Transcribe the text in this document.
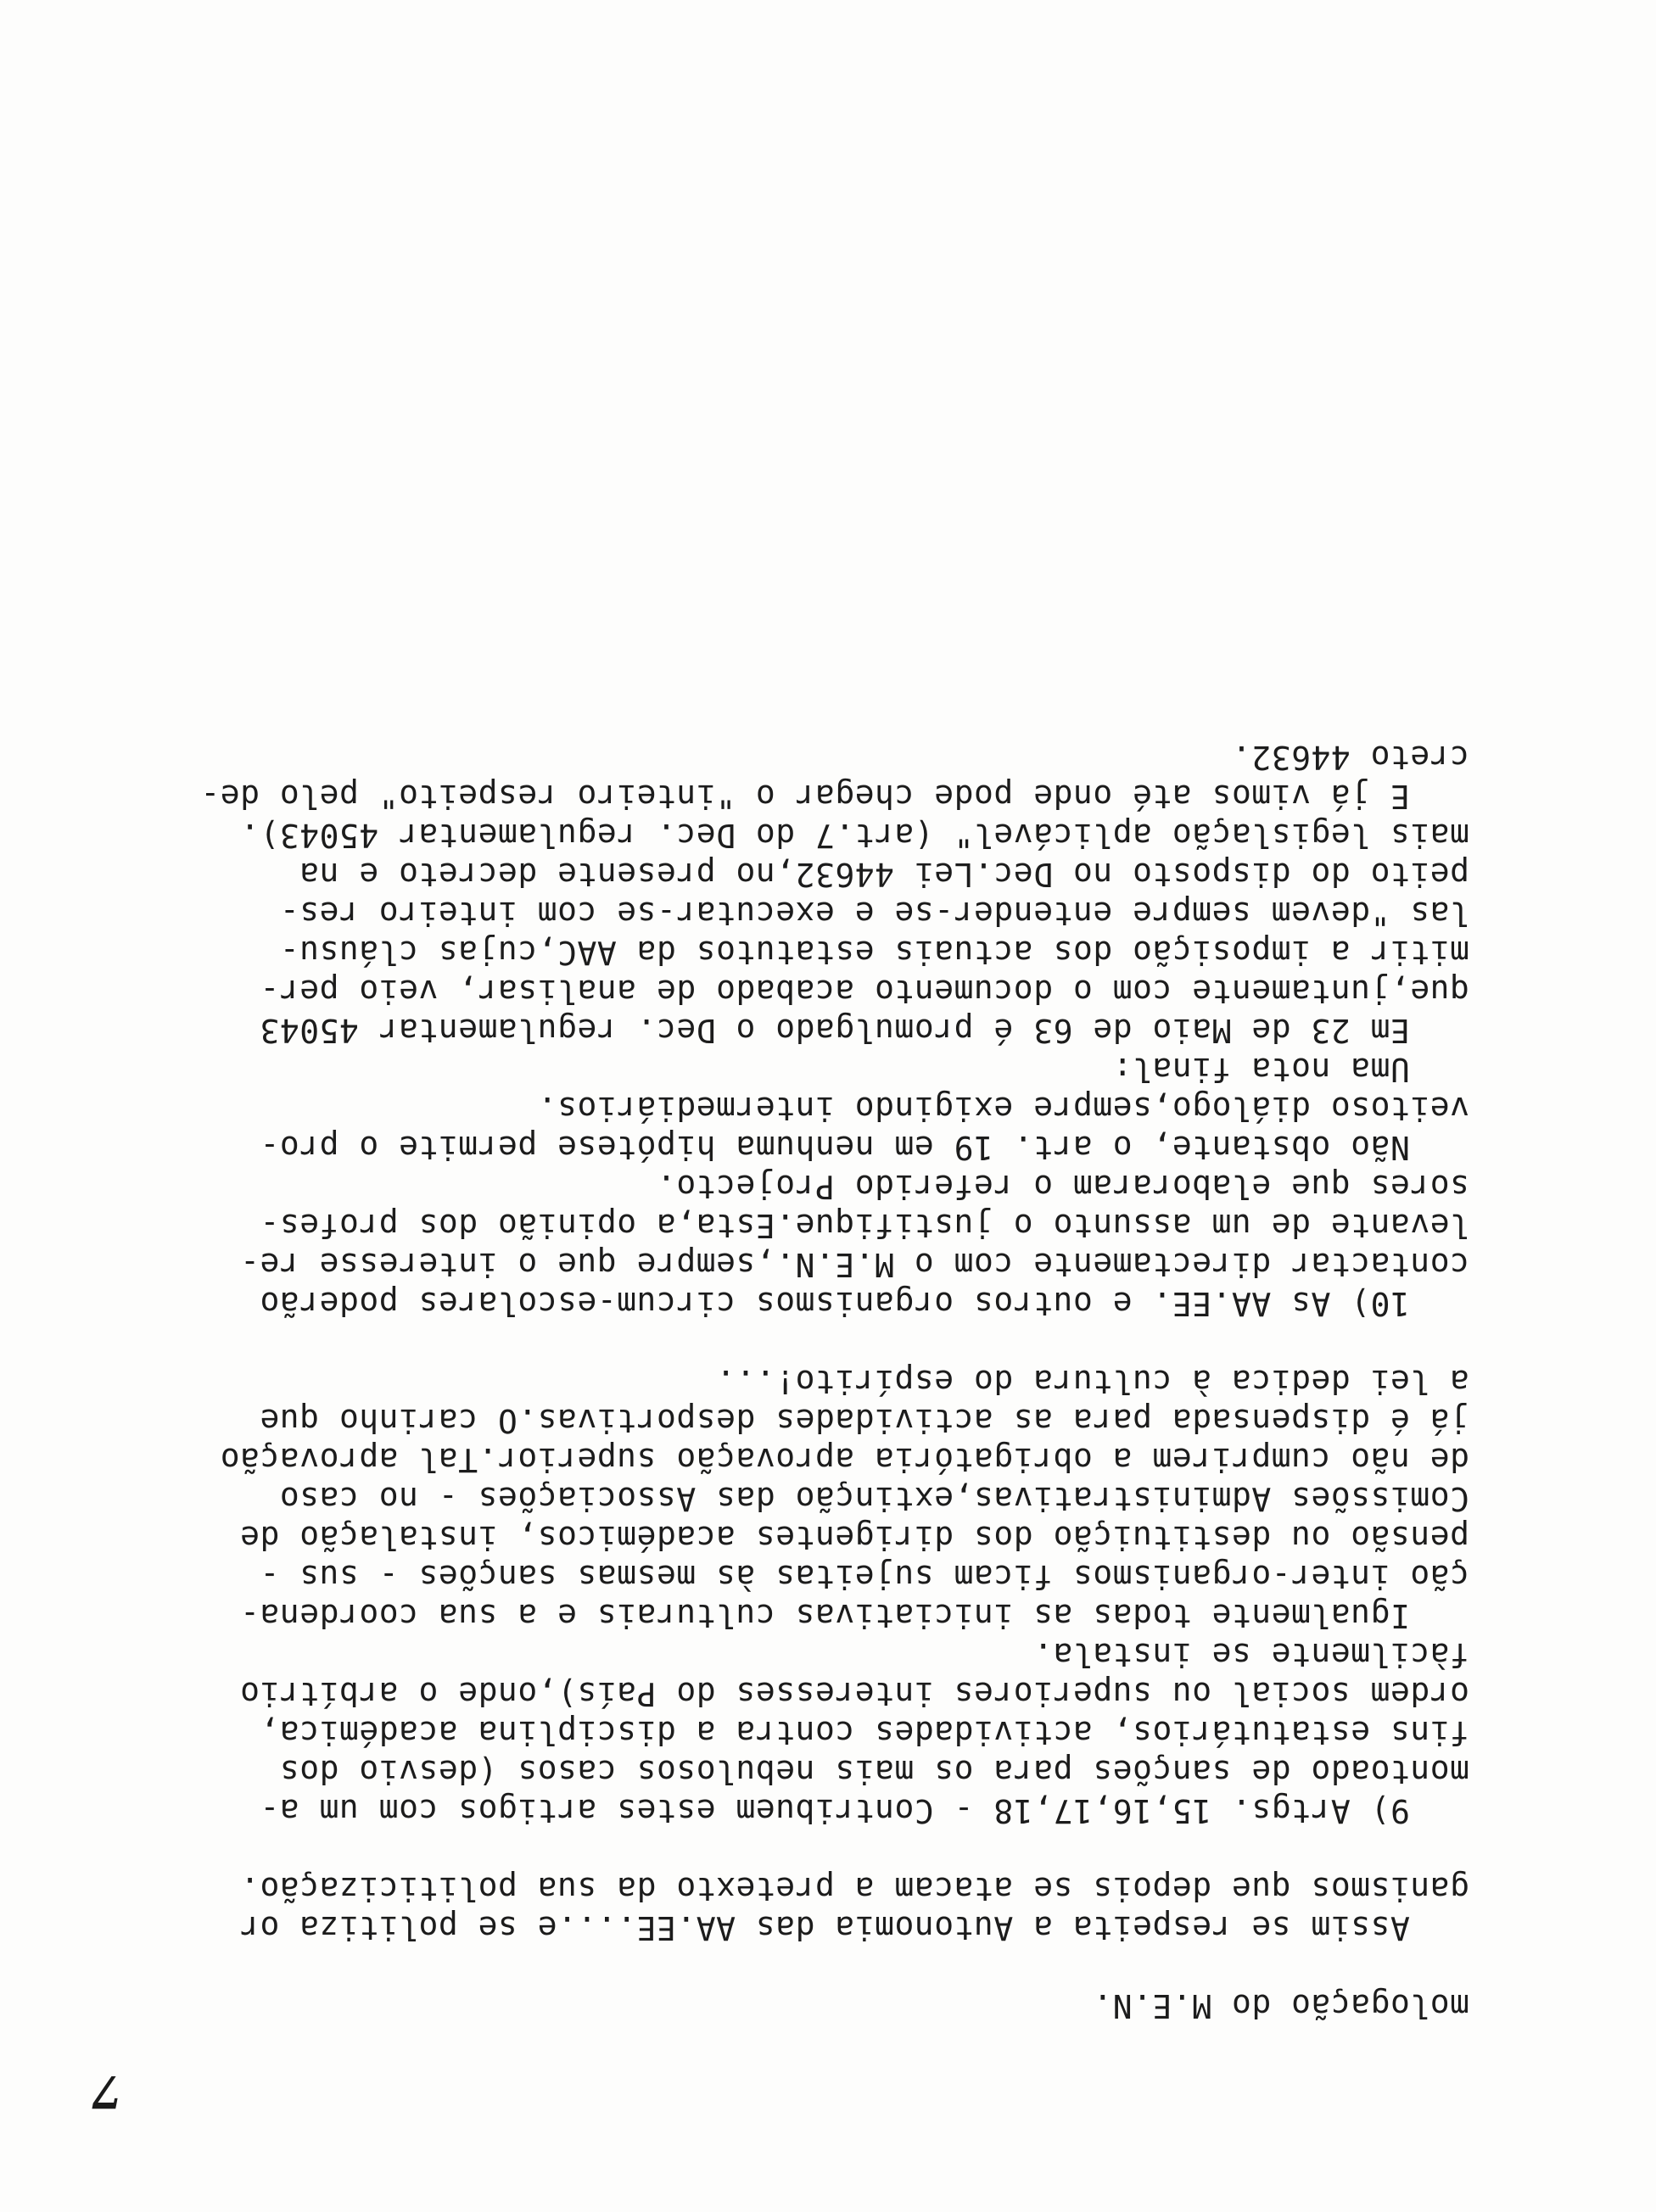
7
mologação do M.E.N.
Assim se respeita a Autonomia das AA.EE....e se politiza or
ganismos que depois se atacam a pretexto da sua politicização.
9) Artgs. 15,16,17,18 - Contribuem estes artigos com um a-
montoado de sanções para os mais nebulosos casos (desvio dos
fins estatutários, actividades contra a disciplina académica,
ordem social ou superiores interesses do País),onde o arbítrio
fàcilmente se instala.
Igualmente todas as iniciativas culturais e a sua coordena-
ção inter-organismos ficam sujeitas às mesmas sanções - sus -
pensão ou destituição dos dirigentes académicos, instalação de
Comissões Administrativas,extinção das Associações - no caso
de não cumprirem a obrigatória aprovação superior.Tal aprovação
já é dispensada para as actividades desportivas.O carinho que
a lei dedica à cultura do espírito!...
10) As AA.EE. e outros organismos circum-escolares poderão
contactar directamente com o M.E.N.,sempre que o interesse re-
levante de um assunto o justifique.Esta,a opinião dos profes-
sores que elaboraram o referido Projecto.
Não obstante, o art. 19 em nenhuma hipótese permite o pro-
veitoso diálogo,sempre exigindo intermediários.
Uma nota final:
Em 23 de Maio de 63 é promulgado o Dec. regulamentar 45043
que,juntamente com o documento acabado de analisar, veio per-
mitir a imposição dos actuais estatutos da AAC,cujas cláusu-
las "devem sempre entender-se e executar-se com inteiro res-
peito do disposto no Dec.Lei 44632,no presente decreto e na
mais legislação aplicável" (art.7 do Dec. regulamentar 45043).
E já vimos até onde pode chegar o "inteiro respeito" pelo de-
creto 44632.
